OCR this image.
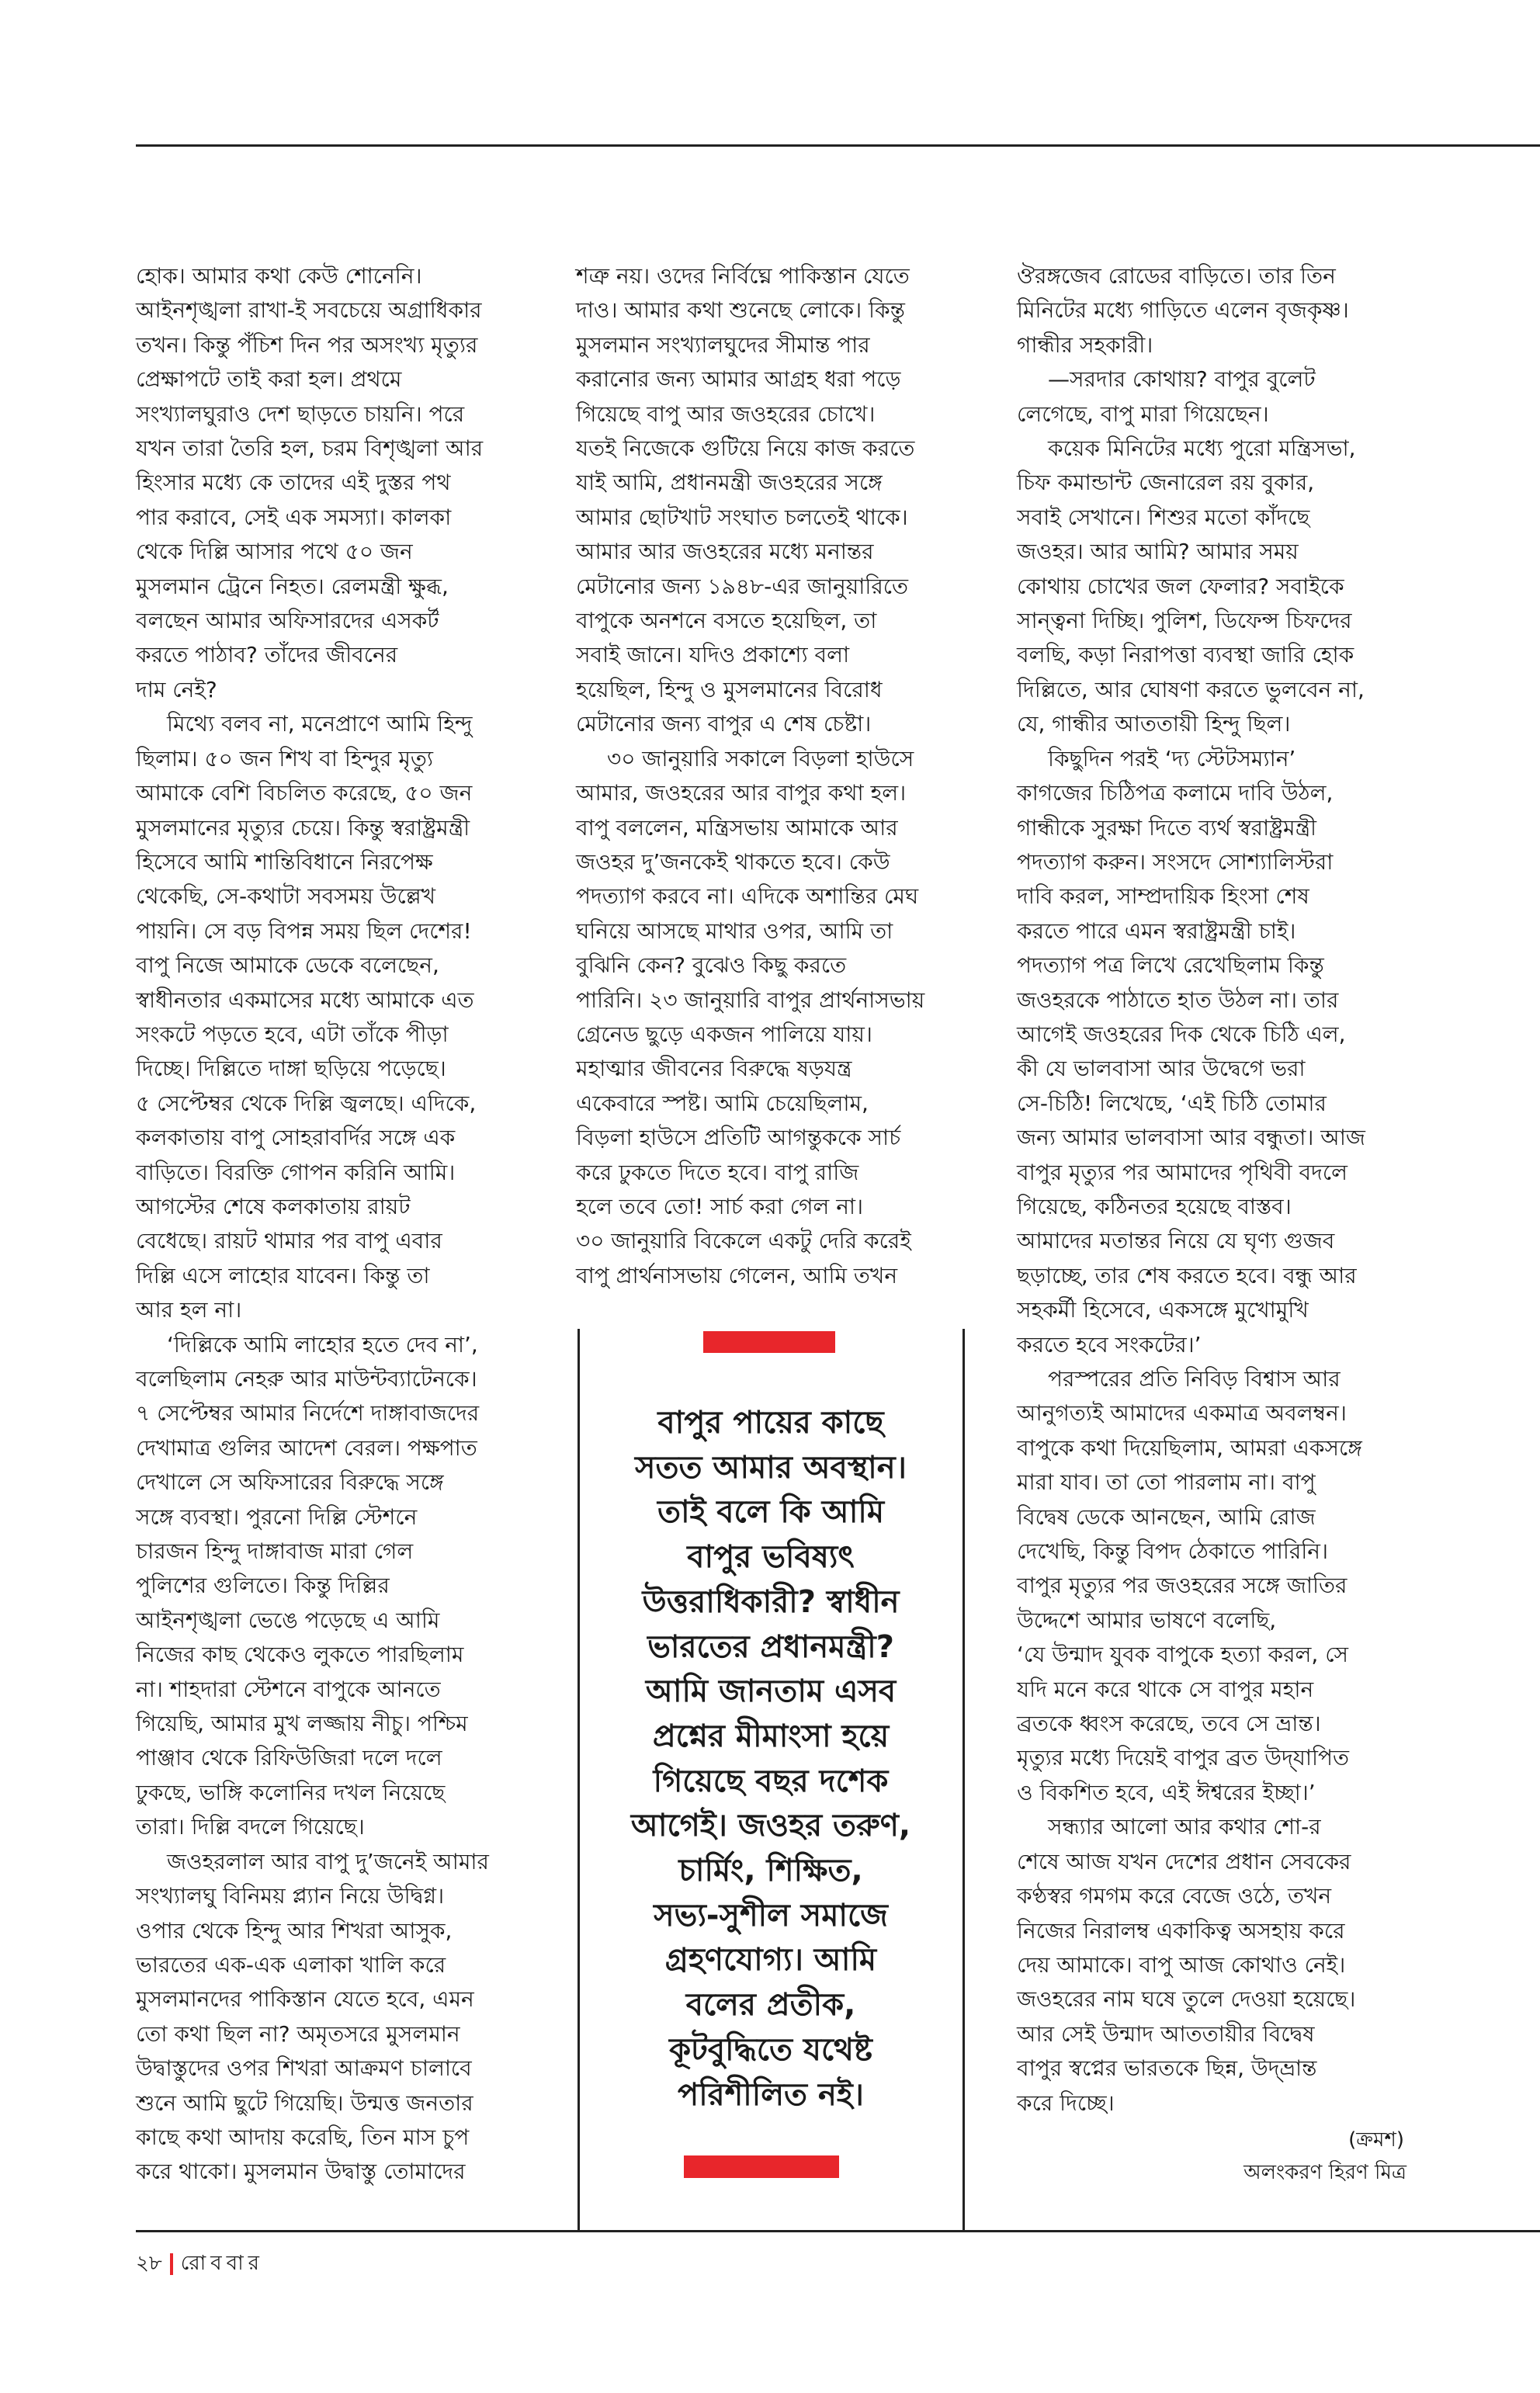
হোক। আমার কথা কেউ শোনেনি।
আইনশৃঙ্খলা রাখা-ই সবচেয়ে অগ্রাধিকার
তখন। কিন্তু পঁচিশ দিন পর অসংখ্য মৃত্যুর
প্রেক্ষাপটে তাই করা হল। প্রথমে
সংখ্যালঘুরাও দেশ ছাড়তে চায়নি। পরে
যখন তারা তৈরি হল, চরম বিশৃঙ্খলা আর
হিংসার মধ্যে কে তাদের এই দুস্তর পথ
পার করাবে, সেই এক সমস্যা। কালকা
থেকে দিল্লি আসার পথে ৫০ জন
মুসলমান ট্রেনে নিহত। রেলমন্ত্রী ক্ষুব্ধ,
বলছেন আমার অফিসারদের এসকর্ট
করতে পাঠাব? তাঁদের জীবনের
দাম নেই?
মিথ্যে বলব না, মনেপ্রাণে আমি হিন্দু
ছিলাম। ৫০ জন শিখ বা হিন্দুর মৃত্যু
আমাকে বেশি বিচলিত করেছে, ৫০ জন
মুসলমানের মৃত্যুর চেয়ে। কিন্তু স্বরাষ্ট্রমন্ত্রী
হিসেবে আমি শান্তিবিধানে নিরপেক্ষ
থেকেছি, সে-কথাটা সবসময় উল্লেখ
পায়নি। সে বড় বিপন্ন সময় ছিল দেশের!
বাপু নিজে আমাকে ডেকে বলেছেন,
স্বাধীনতার একমাসের মধ্যে আমাকে এত
সংকটে পড়তে হবে, এটা তাঁকে পীড়া
দিচ্ছে। দিল্লিতে দাঙ্গা ছড়িয়ে পড়েছে।
৫ সেপ্টেম্বর থেকে দিল্লি জ্বলছে। এদিকে,
কলকাতায় বাপু সোহরাবর্দির সঙ্গে এক
বাড়িতে। বিরক্তি গোপন করিনি আমি।
আগস্টের শেষে কলকাতায় রায়ট
বেধেছে। রায়ট থামার পর বাপু এবার
দিল্লি এসে লাহোর যাবেন। কিন্তু তা
আর হল না।
‘দিল্লিকে আমি লাহোর হতে দেব না’,
বলেছিলাম নেহরু আর মাউন্টব্যাটেনকে।
৭ সেপ্টেম্বর আমার নির্দেশে দাঙ্গাবাজদের
দেখামাত্র গুলির আদেশ বেরল। পক্ষপাত
দেখালে সে অফিসারের বিরুদ্ধে সঙ্গে
সঙ্গে ব্যবস্থা। পুরনো দিল্লি স্টেশনে
চারজন হিন্দু দাঙ্গাবাজ মারা গেল
পুলিশের গুলিতে। কিন্তু দিল্লির
আইনশৃঙ্খলা ভেঙে পড়েছে এ আমি
নিজের কাছ থেকেও লুকতে পারছিলাম
না। শাহদারা স্টেশনে বাপুকে আনতে
গিয়েছি, আমার মুখ লজ্জায় নীচু। পশ্চিম
পাঞ্জাব থেকে রিফিউজিরা দলে দলে
ঢুকছে, ভাঙ্গি কলোনির দখল নিয়েছে
তারা। দিল্লি বদলে গিয়েছে।
জওহরলাল আর বাপু দু’জনেই আমার
সংখ্যালঘু বিনিময় প্ল্যান নিয়ে উদ্বিগ্ন।
ওপার থেকে হিন্দু আর শিখরা আসুক,
ভারতের এক-এক এলাকা খালি করে
মুসলমানদের পাকিস্তান যেতে হবে, এমন
তো কথা ছিল না? অমৃতসরে মুসলমান
উদ্বাস্তুদের ওপর শিখরা আক্রমণ চালাবে
শুনে আমি ছুটে গিয়েছি। উন্মত্ত জনতার
কাছে কথা আদায় করেছি, তিন মাস চুপ
করে থাকো। মুসলমান উদ্বাস্তু তোমাদের
শত্রু নয়। ওদের নির্বিঘ্নে পাকিস্তান যেতে
দাও। আমার কথা শুনেছে লোকে। কিন্তু
মুসলমান সংখ্যালঘুদের সীমান্ত পার
করানোর জন্য আমার আগ্রহ ধরা পড়ে
গিয়েছে বাপু আর জওহরের চোখে।
যতই নিজেকে গুটিয়ে নিয়ে কাজ করতে
যাই আমি, প্রধানমন্ত্রী জওহরের সঙ্গে
আমার ছোটখাট সংঘাত চলতেই থাকে।
আমার আর জওহরের মধ্যে মনান্তর
মেটানোর জন্য ১৯৪৮-এর জানুয়ারিতে
বাপুকে অনশনে বসতে হয়েছিল, তা
সবাই জানে। যদিও প্রকাশ্যে বলা
হয়েছিল, হিন্দু ও মুসলমানের বিরোধ
মেটানোর জন্য বাপুর এ শেষ চেষ্টা।
৩০ জানুয়ারি সকালে বিড়লা হাউসে
আমার, জওহরের আর বাপুর কথা হল।
বাপু বললেন, মন্ত্রিসভায় আমাকে আর
জওহর দু’জনকেই থাকতে হবে। কেউ
পদত্যাগ করবে না। এদিকে অশান্তির মেঘ
ঘনিয়ে আসছে মাথার ওপর, আমি তা
বুঝিনি কেন? বুঝেও কিছু করতে
পারিনি। ২৩ জানুয়ারি বাপুর প্রার্থনাসভায়
গ্রেনেড ছুড়ে একজন পালিয়ে যায়।
মহাত্মার জীবনের বিরুদ্ধে ষড়যন্ত্র
একেবারে স্পষ্ট। আমি চেয়েছিলাম,
বিড়লা হাউসে প্রতিটি আগন্তুককে সার্চ
করে ঢুকতে দিতে হবে। বাপু রাজি
হলে তবে তো! সার্চ করা গেল না।
৩০ জানুয়ারি বিকেলে একটু দেরি করেই
বাপু প্রার্থনাসভায় গেলেন, আমি তখন
ঔরঙ্গজেব রোডের বাড়িতে। তার তিন
মিনিটের মধ্যে গাড়িতে এলেন বৃজকৃষ্ণ।
গান্ধীর সহকারী।
—সরদার কোথায়? বাপুর বুলেট
লেগেছে, বাপু মারা গিয়েছেন।
কয়েক মিনিটের মধ্যে পুরো মন্ত্রিসভা,
চিফ কমান্ডান্ট জেনারেল রয় বুকার,
সবাই সেখানে। শিশুর মতো কাঁদছে
জওহর। আর আমি? আমার সময়
কোথায় চোখের জল ফেলার? সবাইকে
সান্ত্বনা দিচ্ছি। পুলিশ, ডিফেন্স চিফদের
বলছি, কড়া নিরাপত্তা ব্যবস্থা জারি হোক
দিল্লিতে, আর ঘোষণা করতে ভুলবেন না,
যে, গান্ধীর আততায়ী হিন্দু ছিল।
কিছুদিন পরই ‘দ্য স্টেটসম্যান’
কাগজের চিঠিপত্র কলামে দাবি উঠল,
গান্ধীকে সুরক্ষা দিতে ব্যর্থ স্বরাষ্ট্রমন্ত্রী
পদত্যাগ করুন। সংসদে সোশ্যালিস্টরা
দাবি করল, সাম্প্রদায়িক হিংসা শেষ
করতে পারে এমন স্বরাষ্ট্রমন্ত্রী চাই।
পদত্যাগ পত্র লিখে রেখেছিলাম কিন্তু
জওহরকে পাঠাতে হাত উঠল না। তার
আগেই জওহরের দিক থেকে চিঠি এল,
কী যে ভালবাসা আর উদ্বেগে ভরা
সে-চিঠি! লিখেছে, ‘এই চিঠি তোমার
জন্য আমার ভালবাসা আর বন্ধুতা। আজ
বাপুর মৃত্যুর পর আমাদের পৃথিবী বদলে
গিয়েছে, কঠিনতর হয়েছে বাস্তব।
আমাদের মতান্তর নিয়ে যে ঘৃণ্য গুজব
ছড়াচ্ছে, তার শেষ করতে হবে। বন্ধু আর
সহকর্মী হিসেবে, একসঙ্গে মুখোমুখি
করতে হবে সংকটের।’
পরস্পরের প্রতি নিবিড় বিশ্বাস আর
আনুগত্যই আমাদের একমাত্র অবলম্বন।
বাপুকে কথা দিয়েছিলাম, আমরা একসঙ্গে
মারা যাব। তা তো পারলাম না। বাপু
বিদ্বেষ ডেকে আনছেন, আমি রোজ
দেখেছি, কিন্তু বিপদ ঠেকাতে পারিনি।
বাপুর মৃত্যুর পর জওহরের সঙ্গে জাতির
উদ্দেশে আমার ভাষণে বলেছি,
‘যে উন্মাদ যুবক বাপুকে হত্যা করল, সে
যদি মনে করে থাকে সে বাপুর মহান
ব্রতকে ধ্বংস করেছে, তবে সে ভ্রান্ত।
মৃত্যুর মধ্যে দিয়েই বাপুর ব্রত উদ্‌যাপিত
ও বিকশিত হবে, এই ঈশ্বরের ইচ্ছা।’
সন্ধ্যার আলো আর কথার শো-র
শেষে আজ যখন দেশের প্রধান সেবকের
কণ্ঠস্বর গমগম করে বেজে ওঠে, তখন
নিজের নিরালম্ব একাকিত্ব অসহায় করে
দেয় আমাকে। বাপু আজ কোথাও নেই।
জওহরের নাম ঘষে তুলে দেওয়া হয়েছে।
আর সেই উন্মাদ আততায়ীর বিদ্বেষ
বাপুর স্বপ্নের ভারতকে ছিন্ন, উদ্‌ভ্রান্ত
করে দিচ্ছে।
বাপুর পায়ের কাছে
সতত আমার অবস্থান।
তাই বলে কি আমি
বাপুর ভবিষ্যৎ
উত্তরাধিকারী? স্বাধীন
ভারতের প্রধানমন্ত্রী?
আমি জানতাম এসব
প্রশ্নের মীমাংসা হয়ে
গিয়েছে বছর দশেক
আগেই। জওহর তরুণ,
চার্মিং, শিক্ষিত,
সভ্য-সুশীল সমাজে
গ্রহণযোগ্য। আমি
বলের প্রতীক,
কূটবুদ্ধিতে যথেষ্ট
পরিশীলিত নই।
(ক্রমশ)
অলংকরণ হিরণ মিত্র
২৮ রোববার
